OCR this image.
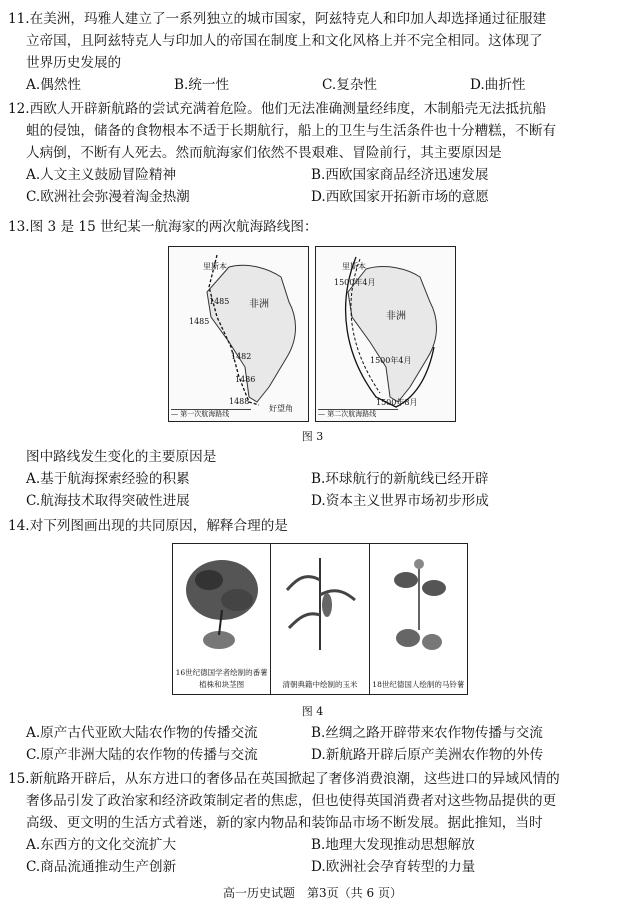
11.在美洲，玛雅人建立了一系列独立的城市国家，阿兹特克人和印加人却选择通过征服建
立帝国，且阿兹特克人与印加人的帝国在制度上和文化风格上并不完全相同。这体现了
世界历史发展的
A.偶然性	B.统一性	C.复杂性	D.曲折性
12.西欧人开辟新航路的尝试充满着危险。他们无法准确测量经纬度，木制船壳无法抵抗船
蛆的侵蚀，储备的食物根本不适于长期航行，船上的卫生与生活条件也十分糟糕，不断有
人病倒，不断有人死去。然而航海家们依然不畏艰难、冒险前行，其主要原因是
A.人文主义鼓励冒险精神	B.西欧国家商品经济迅速发展
C.欧洲社会弥漫着淘金热潮	D.西欧国家开拓新市场的意愿
13.图 3 是 15 世纪某一航海家的两次航海路线图：
里斯本
非洲
1485
1485
1482
1486
1488
好望角
— 第一次航海路线
里斯本
1500年4月
非洲
1500年4月
1500年8月
— 第二次航海路线
图 3
图中路线发生变化的主要原因是
A.基于航海探索经验的积累	B.环球航行的新航线已经开辟
C.航海技术取得突破性进展	D.资本主义世界市场初步形成
14.对下列图画出现的共同原因，解释合理的是
16世纪德国学者绘制的番薯植株和块茎图	清朝典籍中绘制的玉米	18世纪德国人绘制的马铃薯
图 4
A.原产古代亚欧大陆农作物的传播交流	B.丝绸之路开辟带来农作物传播与交流
C.原产非洲大陆的农作物的传播与交流	D.新航路开辟后原产美洲农作物的外传
15.新航路开辟后，从东方进口的奢侈品在英国掀起了奢侈消费浪潮，这些进口的异域风情的
奢侈品引发了政治家和经济政策制定者的焦虑，但也使得英国消费者对这些物品提供的更
高级、更文明的生活方式着迷，新的家内物品和装饰品市场不断发展。据此推知，当时
A.东西方的文化交流扩大	B.地理大发现推动思想解放
C.商品流通推动生产创新	D.欧洲社会孕育转型的力量
高一历史试题　第3页（共 6 页）
